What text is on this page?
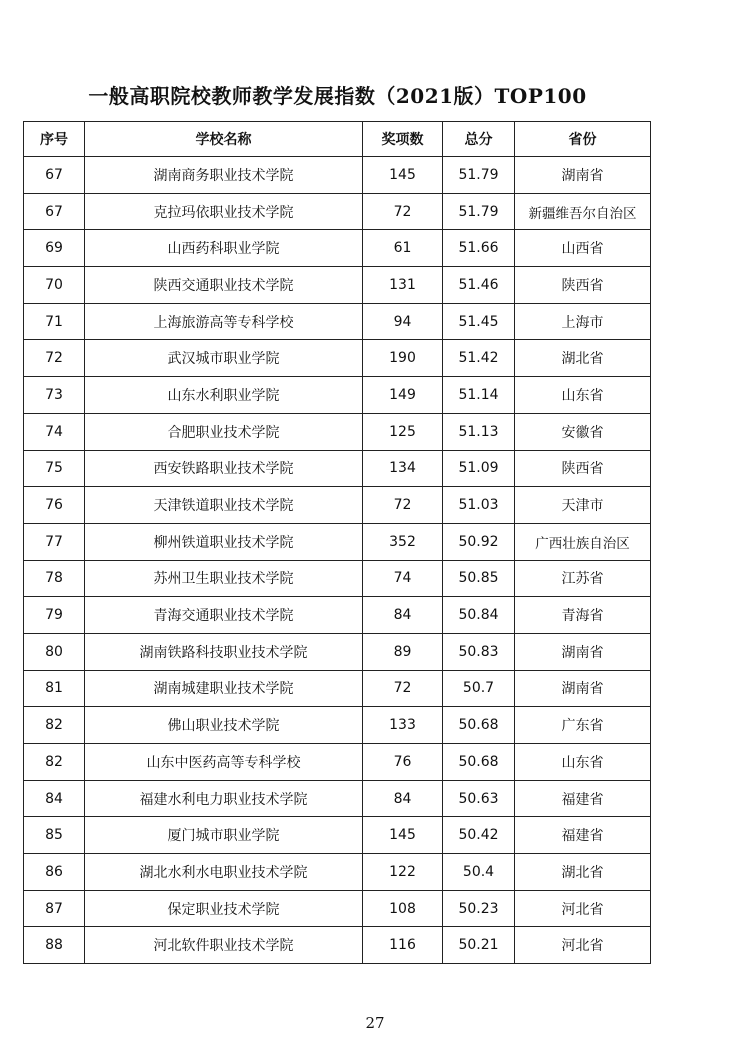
一般高职院校教师教学发展指数（2021版）TOP100
序号	学校名称	奖项数	总分	省份
67	湖南商务职业技术学院	145	51.79	湖南省
67	克拉玛依职业技术学院	72	51.79	新疆维吾尔自治区
69	山西药科职业学院	61	51.66	山西省
70	陕西交通职业技术学院	131	51.46	陕西省
71	上海旅游高等专科学校	94	51.45	上海市
72	武汉城市职业学院	190	51.42	湖北省
73	山东水利职业学院	149	51.14	山东省
74	合肥职业技术学院	125	51.13	安徽省
75	西安铁路职业技术学院	134	51.09	陕西省
76	天津铁道职业技术学院	72	51.03	天津市
77	柳州铁道职业技术学院	352	50.92	广西壮族自治区
78	苏州卫生职业技术学院	74	50.85	江苏省
79	青海交通职业技术学院	84	50.84	青海省
80	湖南铁路科技职业技术学院	89	50.83	湖南省
81	湖南城建职业技术学院	72	50.7	湖南省
82	佛山职业技术学院	133	50.68	广东省
82	山东中医药高等专科学校	76	50.68	山东省
84	福建水利电力职业技术学院	84	50.63	福建省
85	厦门城市职业学院	145	50.42	福建省
86	湖北水利水电职业技术学院	122	50.4	湖北省
87	保定职业技术学院	108	50.23	河北省
88	河北软件职业技术学院	116	50.21	河北省
27
